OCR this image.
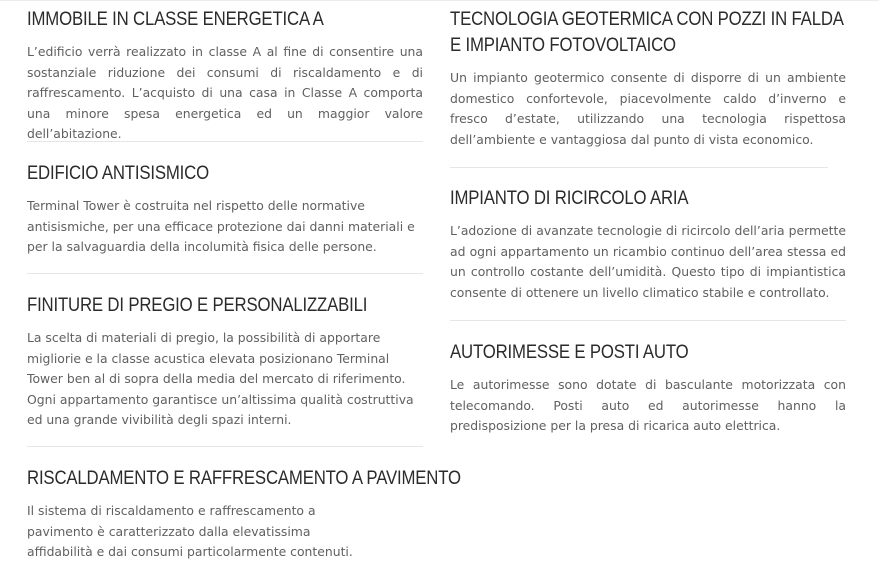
IMMOBILE IN CLASSE ENERGETICA A

L’edificio verrà realizzato in classe A al fine di consentire una sostanziale riduzione dei consumi di riscaldamento e di raffrescamento. L’acquisto di una casa in Classe A comporta una minore spesa energetica ed un maggior valore dell’abitazione.

EDIFICIO ANTISISMICO

Terminal Tower è costruita nel rispetto delle normative antisismiche, per una efficace protezione dai danni materiali e per la salvaguardia della incolumità fisica delle persone.

FINITURE DI PREGIO E PERSONALIZZABILI

La scelta di materiali di pregio, la possibilità di apportare migliorie e la classe acustica elevata posizionano Terminal Tower ben al di sopra della media del mercato di riferimento. Ogni appartamento garantisce un’altissima qualità costruttiva ed una grande vivibilità degli spazi interni.

RISCALDAMENTO E RAFFRESCAMENTO A PAVIMENTO

Il sistema di riscaldamento e raffrescamento a pavimento è caratterizzato dalla elevatissima affidabilità e dai consumi particolarmente contenuti.

TECNOLOGIA GEOTERMICA CON POZZI IN FALDA E IMPIANTO FOTOVOLTAICO

Un impianto geotermico consente di disporre di un ambiente domestico confortevole, piacevolmente caldo d’inverno e fresco d’estate, utilizzando una tecnologia rispettosa dell’ambiente e vantaggiosa dal punto di vista economico.

IMPIANTO DI RICIRCOLO ARIA

L’adozione di avanzate tecnologie di ricircolo dell’aria permette ad ogni appartamento un ricambio continuo dell’area stessa ed un controllo costante dell’umidità. Questo tipo di impiantistica consente di ottenere un livello climatico stabile e controllato.

AUTORIMESSE E POSTI AUTO

Le autorimesse sono dotate di basculante motorizzata con telecomando. Posti auto ed autorimesse hanno la predisposizione per la presa di ricarica auto elettrica.
